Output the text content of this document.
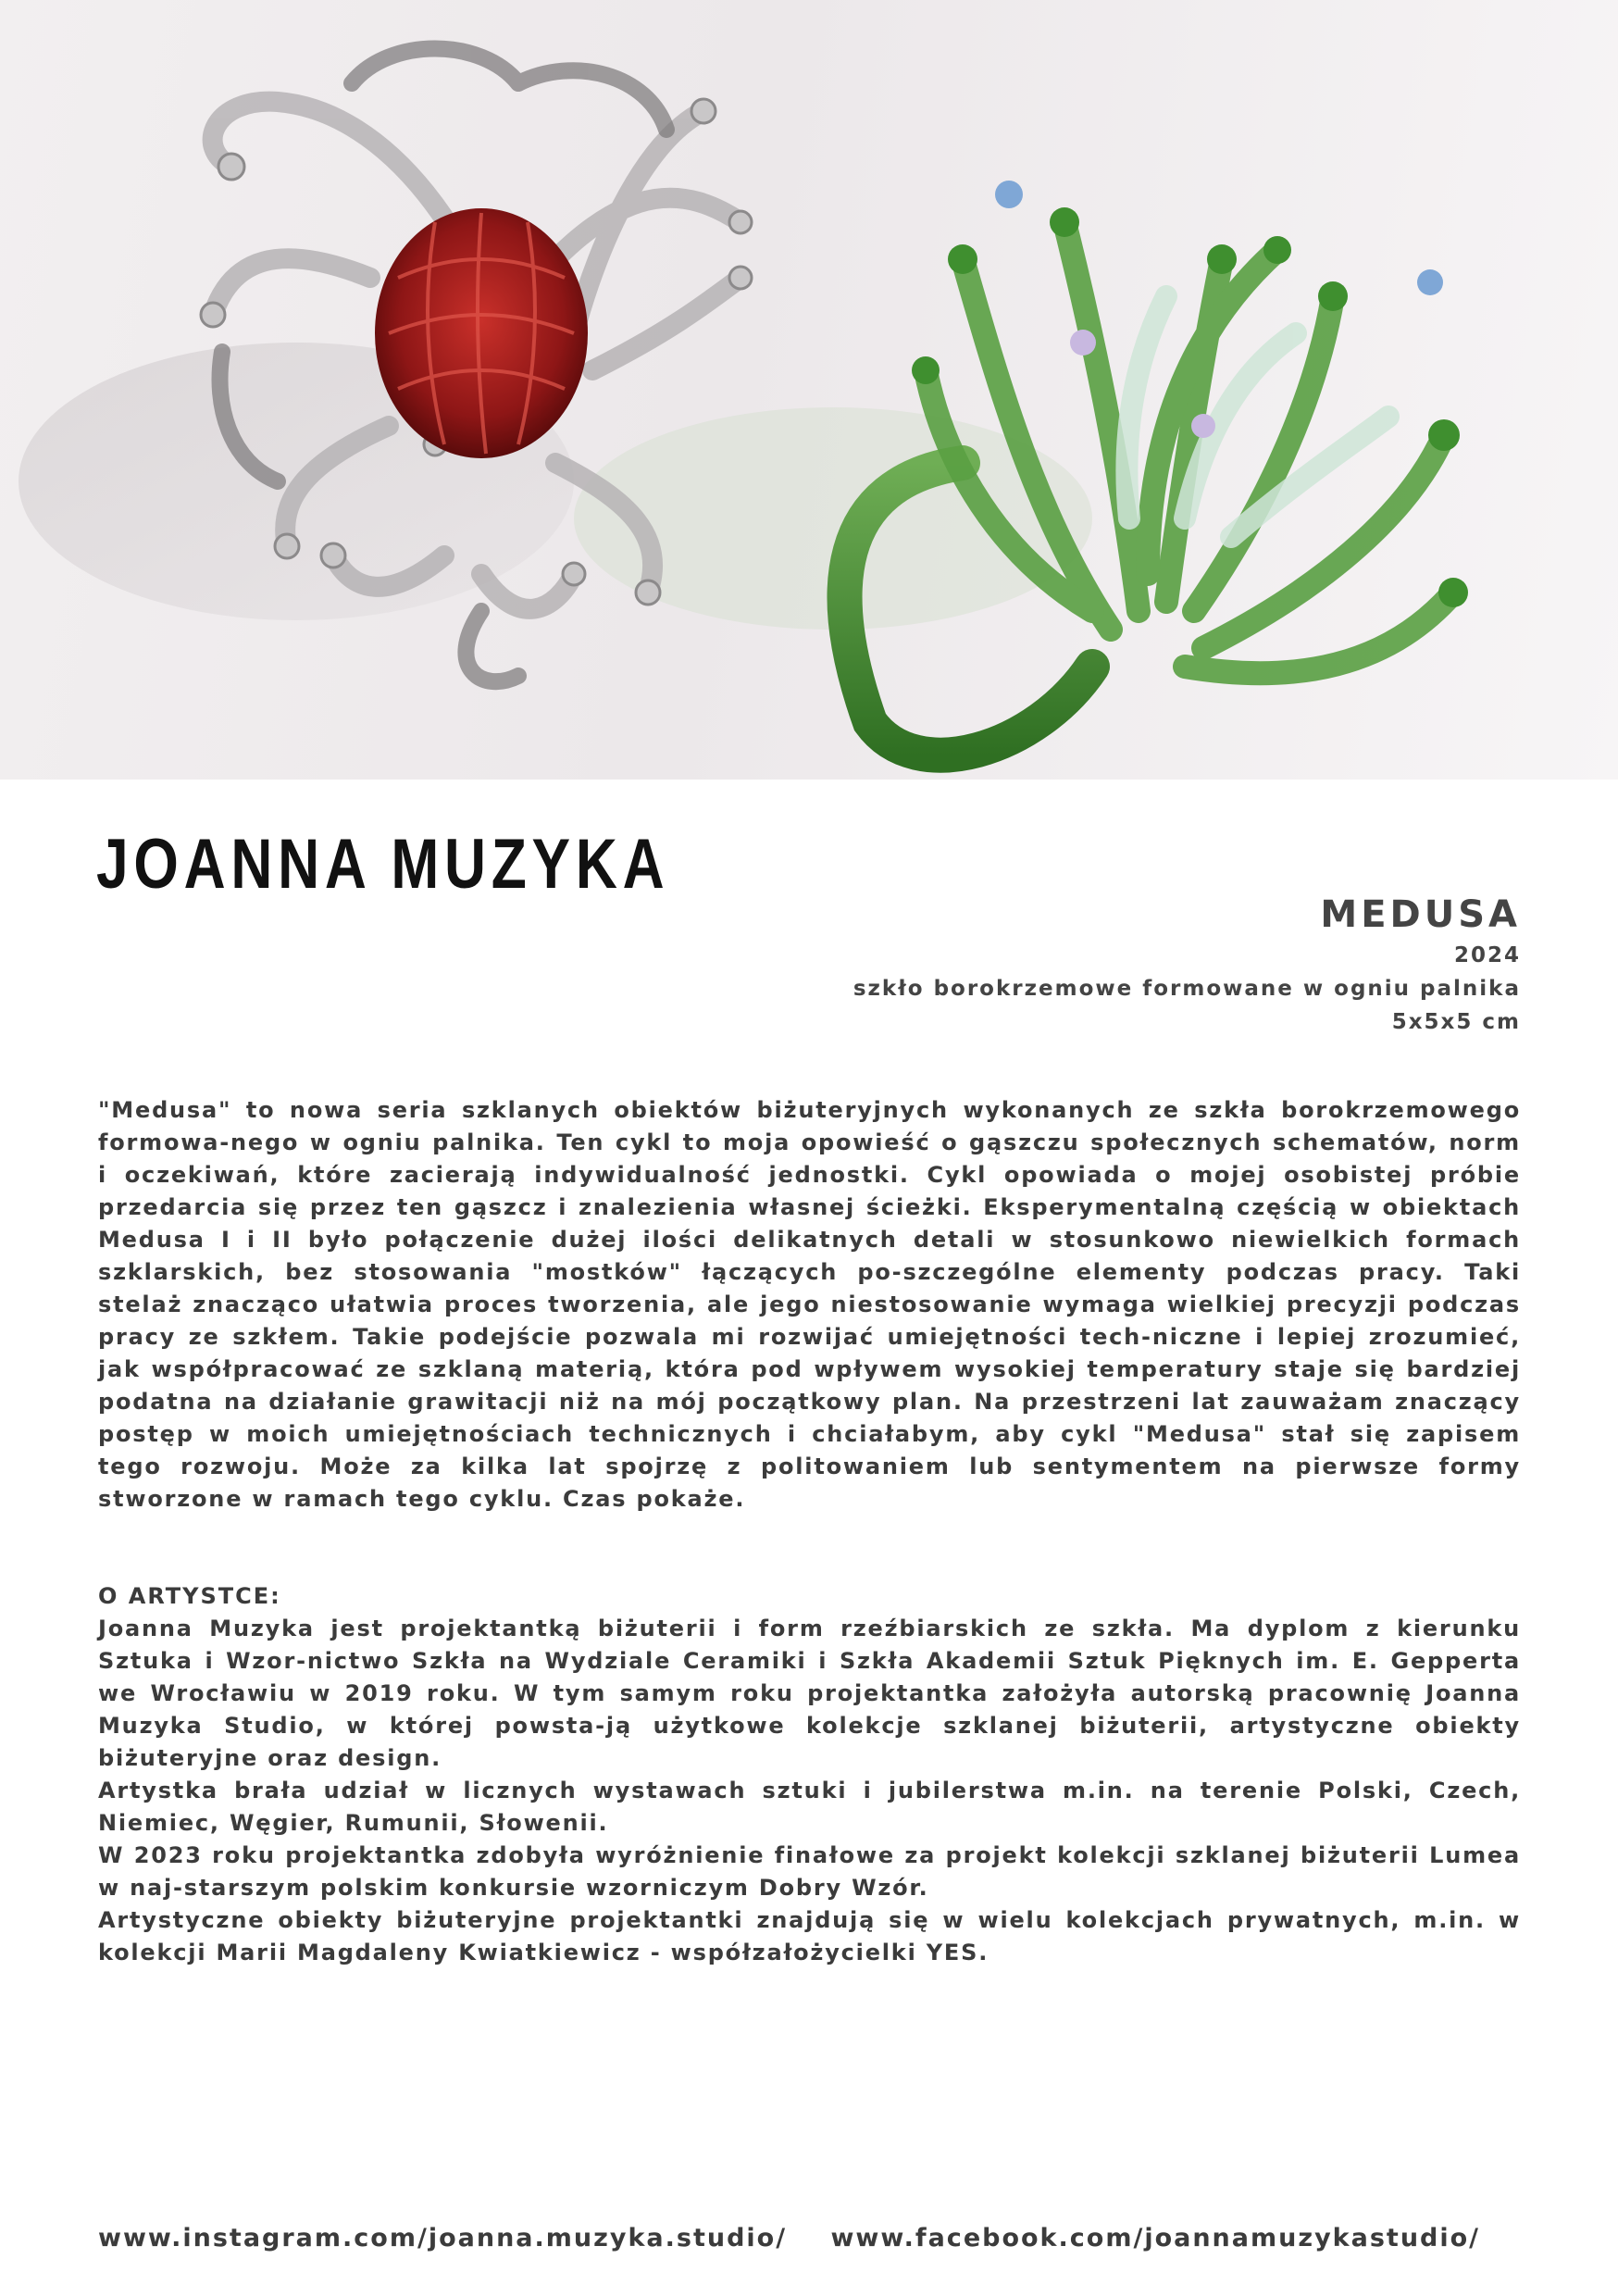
JOANNA MUZYKA
MEDUSA
2024
szkło borokrzemowe formowane w ogniu palnika
5x5x5 cm
"Medusa" to nowa seria szklanych obiektów biżuteryjnych wykonanych ze szkła borokrzemowego formowa-nego w ogniu palnika. Ten cykl to moja opowieść o gąszczu społecznych schematów, norm i oczekiwań, które zacierają indywidualność jednostki. Cykl opowiada o mojej osobistej próbie przedarcia się przez ten gąszcz i znalezienia własnej ścieżki. Eksperymentalną częścią w obiektach Medusa I i II było połączenie dużej ilości delikatnych detali w stosunkowo niewielkich formach szklarskich, bez stosowania "mostków" łączących po-szczególne elementy podczas pracy. Taki stelaż znacząco ułatwia proces tworzenia, ale jego niestosowanie wymaga wielkiej precyzji podczas pracy ze szkłem. Takie podejście pozwala mi rozwijać umiejętności tech-niczne i lepiej zrozumieć, jak współpracować ze szklaną materią, która pod wpływem wysokiej temperatury staje się bardziej podatna na działanie grawitacji niż na mój początkowy plan. Na przestrzeni lat zauważam znaczący postęp w moich umiejętnościach technicznych i chciałabym, aby cykl "Medusa" stał się zapisem tego rozwoju. Może za kilka lat spojrzę z politowaniem lub sentymentem na pierwsze formy stworzone w ramach tego cyklu. Czas pokaże.

O ARTYSTCE:

Joanna Muzyka jest projektantką biżuterii i form rzeźbiarskich ze szkła. Ma dyplom z kierunku Sztuka i Wzor-nictwo Szkła na Wydziale Ceramiki i Szkła Akademii Sztuk Pięknych im. E. Gepperta we Wrocławiu w 2019 roku. W tym samym roku projektantka założyła autorską pracownię Joanna Muzyka Studio, w której powsta-ją użytkowe kolekcje szklanej biżuterii, artystyczne obiekty biżuteryjne oraz design.

Artystka brała udział w licznych wystawach sztuki i jubilerstwa m.in. na terenie Polski, Czech, Niemiec, Węgier, Rumunii, Słowenii.

W 2023 roku projektantka zdobyła wyróżnienie finałowe za projekt kolekcji szklanej biżuterii Lumea w naj-starszym polskim konkursie wzorniczym Dobry Wzór.

Artystyczne obiekty biżuteryjne projektantki znajdują się w wielu kolekcjach prywatnych, m.in. w kolekcji Marii Magdaleny Kwiatkiewicz - współzałożycielki YES.

www.instagram.com/joanna.muzyka.studio/ www.facebook.com/joannamuzykastudio/
